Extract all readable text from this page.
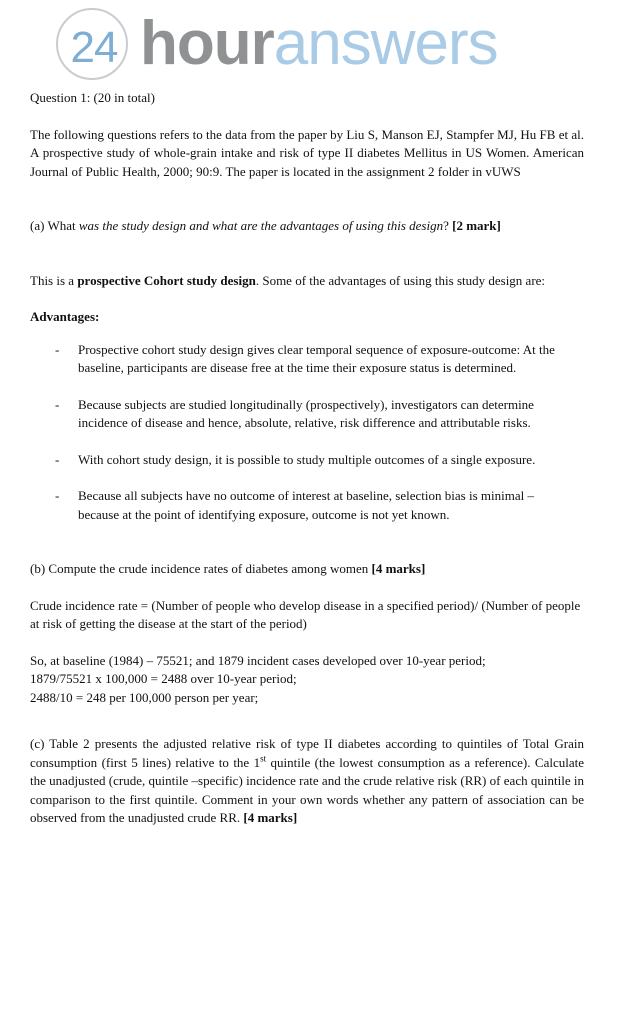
24 houranswers

Question 1: (20 in total)

The following questions refers to the data from the paper by Liu S, Manson EJ, Stampfer MJ, Hu FB et al. A prospective study of whole-grain intake and risk of type II diabetes Mellitus in US Women. American Journal of Public Health, 2000; 90:9. The paper is located in the assignment 2 folder in vUWS

(a) What was the study design and what are the advantages of using this design? [2 mark]

This is a prospective Cohort study design. Some of the advantages of using this study design are:

Advantages:

- Prospective cohort study design gives clear temporal sequence of exposure-outcome: At the baseline, participants are disease free at the time their exposure status is determined.
- Because subjects are studied longitudinally (prospectively), investigators can determine incidence of disease and hence, absolute, relative, risk difference and attributable risks.
- With cohort study design, it is possible to study multiple outcomes of a single exposure.
- Because all subjects have no outcome of interest at baseline, selection bias is minimal – because at the point of identifying exposure, outcome is not yet known.

(b) Compute the crude incidence rates of diabetes among women [4 marks]

Crude incidence rate = (Number of people who develop disease in a specified period)/ (Number of people at risk of getting the disease at the start of the period)

So, at baseline (1984) – 75521; and 1879 incident cases developed over 10-year period;

1879/75521 x 100,000 = 2488 over 10-year period;

2488/10 = 248 per 100,000 person per year;

(c) Table 2 presents the adjusted relative risk of type II diabetes according to quintiles of Total Grain consumption (first 5 lines) relative to the 1st quintile (the lowest consumption as a reference). Calculate the unadjusted (crude, quintile –specific) incidence rate and the crude relative risk (RR) of each quintile in comparison to the first quintile. Comment in your own words whether any pattern of association can be observed from the unadjusted crude RR. [4 marks]
